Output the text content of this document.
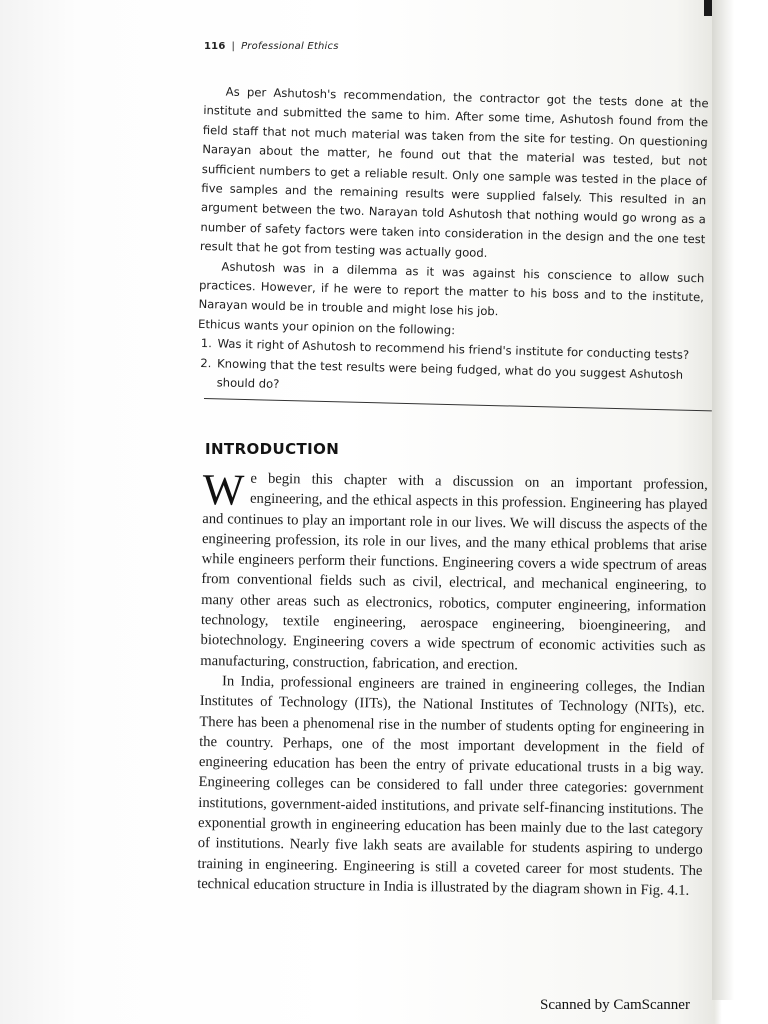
116 | Professional Ethics

As per Ashutosh's recommendation, the contractor got the tests done at the institute and submitted the same to him. After some time, Ashutosh found from the field staff that not much material was taken from the site for testing. On questioning Narayan about the matter, he found out that the material was tested, but not sufficient numbers to get a reliable result. Only one sample was tested in the place of five samples and the remaining results were supplied falsely. This resulted in an argument between the two. Narayan told Ashutosh that nothing would go wrong as a number of safety factors were taken into consideration in the design and the one test result that he got from testing was actually good.

Ashutosh was in a dilemma as it was against his conscience to allow such practices. However, if he were to report the matter to his boss and to the institute, Narayan would be in trouble and might lose his job.

Ethicus wants your opinion on the following:

1. Was it right of Ashutosh to recommend his friend's institute for conducting tests?
2. Knowing that the test results were being fudged, what do you suggest Ashutosh should do?
INTRODUCTION

We begin this chapter with a discussion on an important profession, engineering, and the ethical aspects in this profession. Engineering has played and continues to play an important role in our lives. We will discuss the aspects of the engineering profession, its role in our lives, and the many ethical problems that arise while engineers perform their functions. Engineering covers a wide spectrum of areas from conventional fields such as civil, electrical, and mechanical engineering, to many other areas such as electronics, robotics, computer engineering, information technology, textile engineering, aerospace engineering, bioengineering, and biotechnology. Engineering covers a wide spectrum of economic activities such as manufacturing, construction, fabrication, and erection.

In India, professional engineers are trained in engineering colleges, the Indian Institutes of Technology (IITs), the National Institutes of Technology (NITs), etc. There has been a phenomenal rise in the number of students opting for engineering in the country. Perhaps, one of the most important development in the field of engineering education has been the entry of private educational trusts in a big way. Engineering colleges can be considered to fall under three categories: government institutions, government-aided institutions, and private self-financing institutions. The exponential growth in engineering education has been mainly due to the last category of institutions. Nearly five lakh seats are available for students aspiring to undergo training in engineering. Engineering is still a coveted career for most students. The technical education structure in India is illustrated by the diagram shown in Fig. 4.1.

Scanned by CamScanner
